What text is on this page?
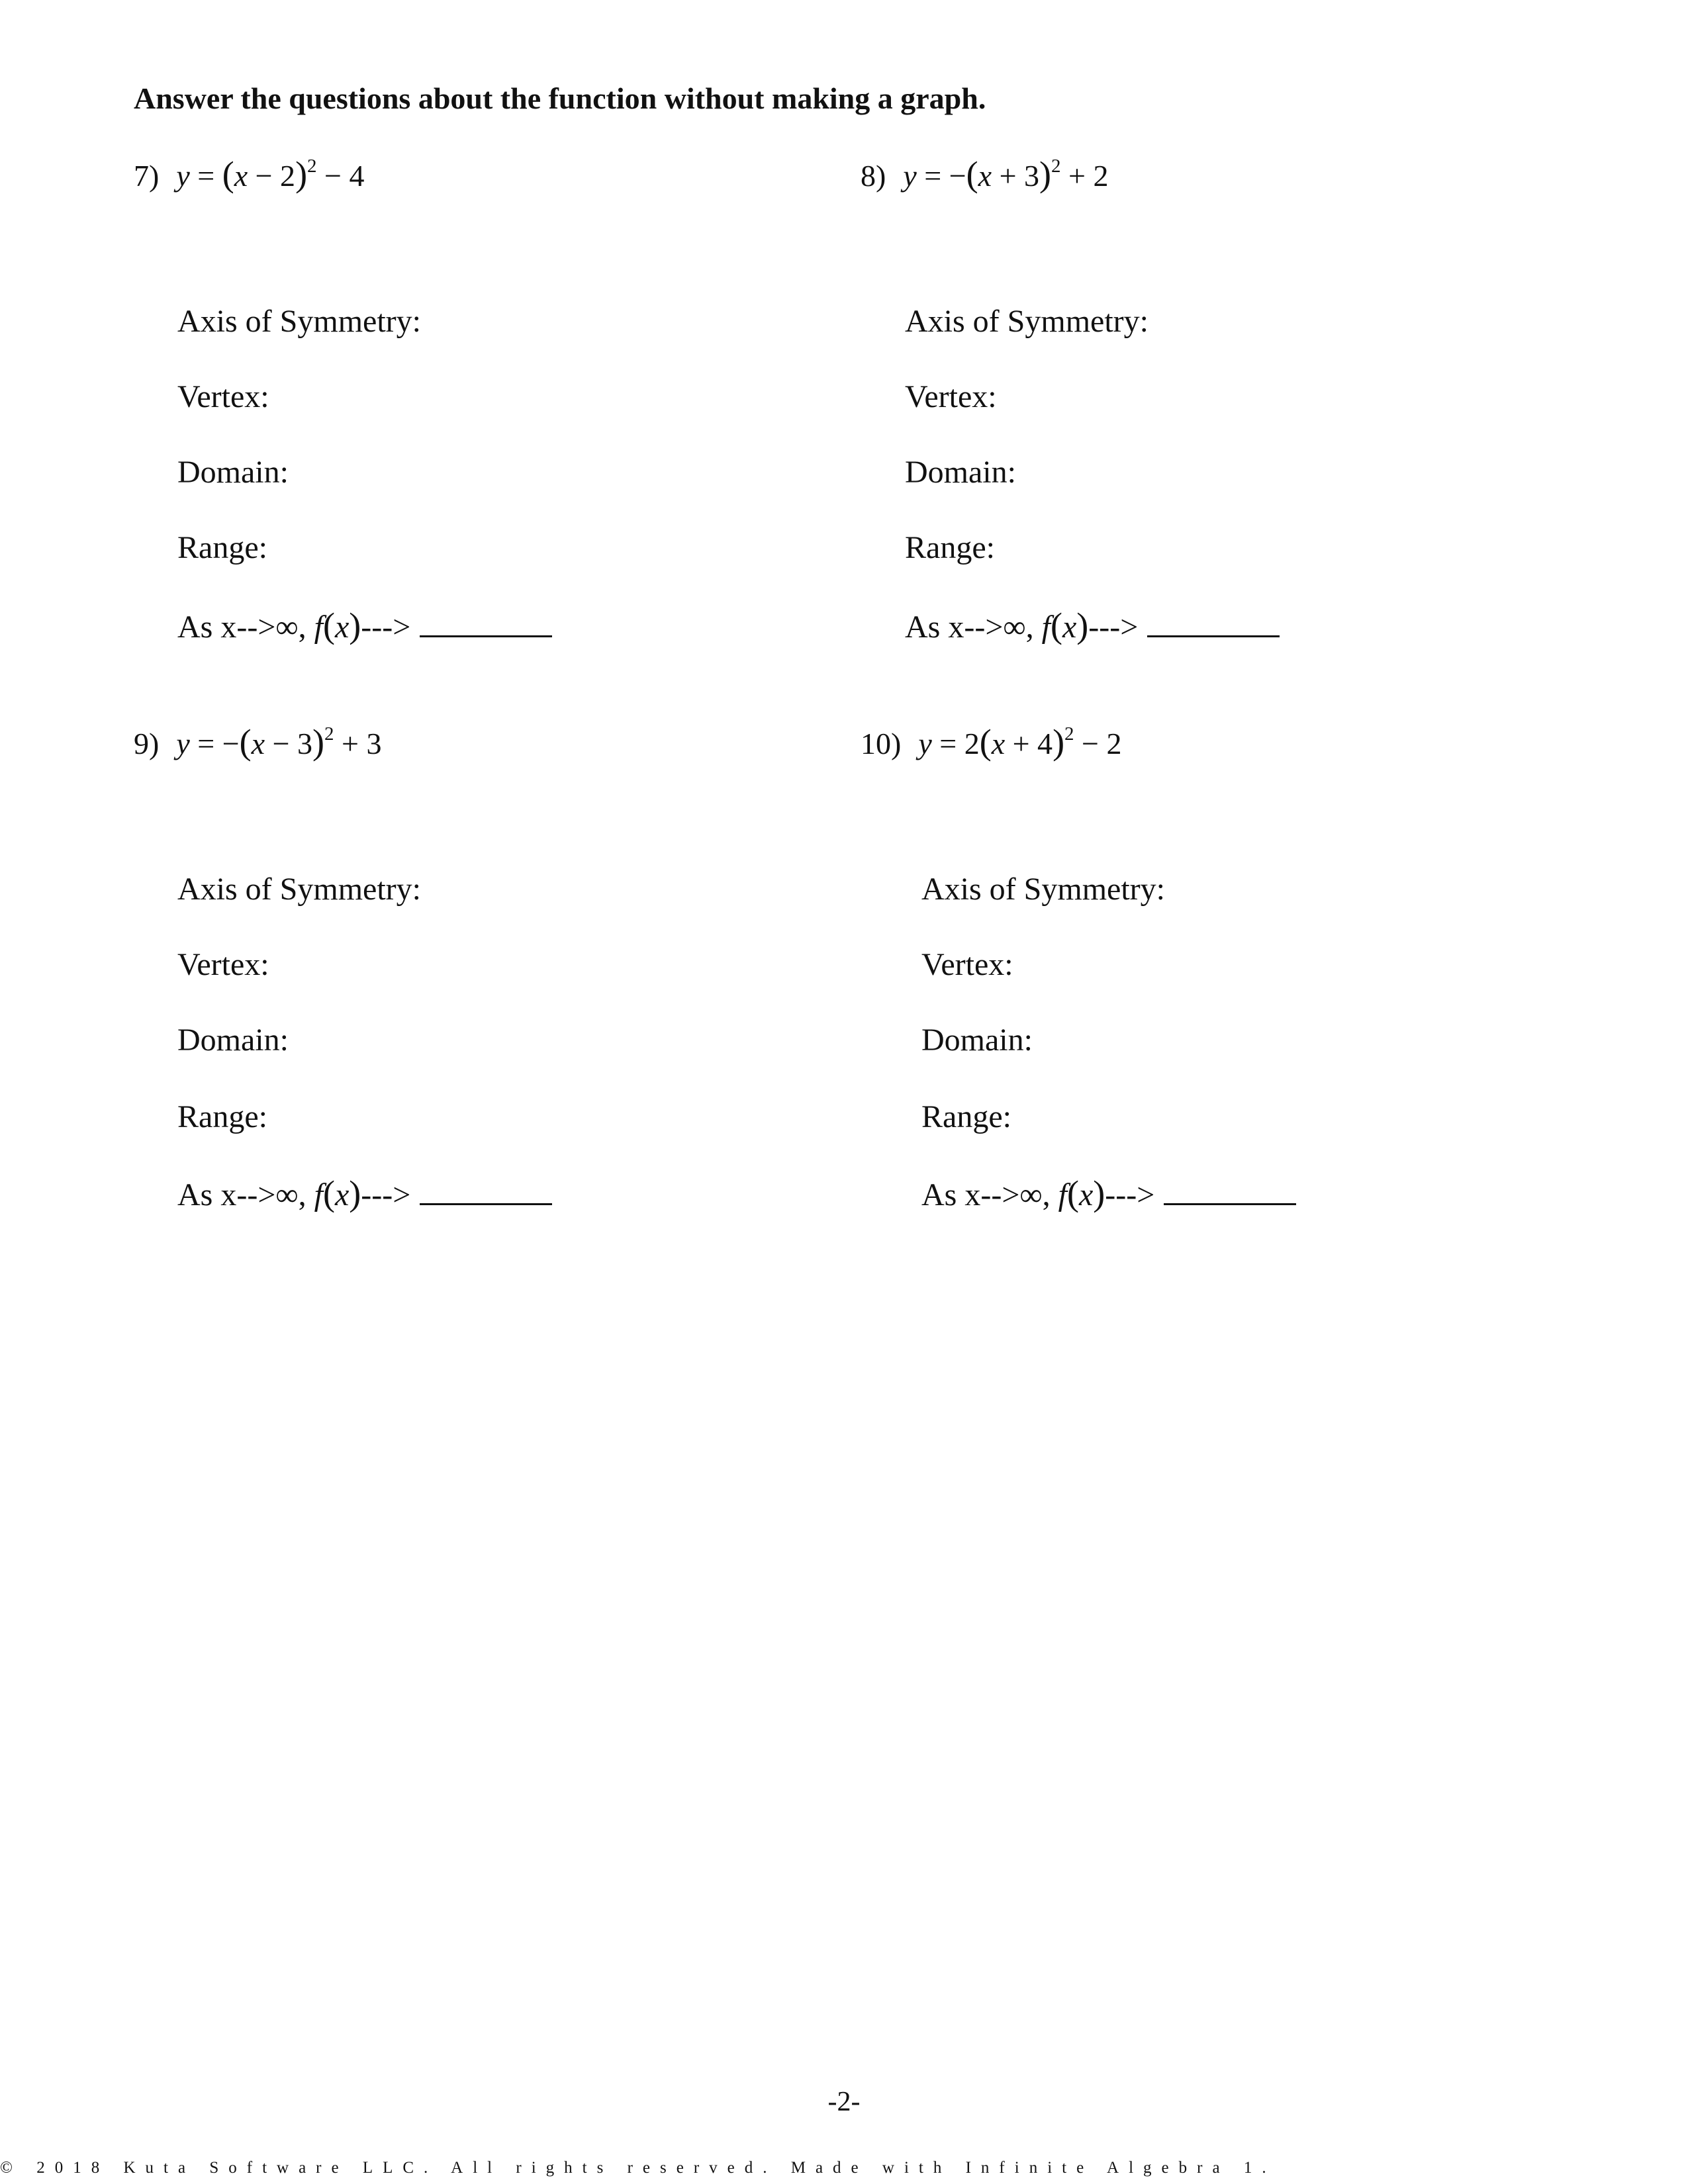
Answer the questions about the function without making a graph.
7) $y = (x - 2)^2 - 4$
Axis of Symmetry:
Vertex:
Domain:
Range:
As x-->∞, f(x)--->
8) $y = -(x + 3)^2 + 2$
Axis of Symmetry:
Vertex:
Domain:
Range:
As x-->∞, f(x)--->
9) $y = -(x - 3)^2 + 3$
Axis of Symmetry:
Vertex:
Domain:
Range:
As x-->∞, f(x)--->
10) $y = 2(x + 4)^2 - 2$
Axis of Symmetry:
Vertex:
Domain:
Range:
As x-->∞, f(x)--->
-2-
© 2018 Kuta Software LLC. All rights reserved. Made with Infinite Algebra 1.
